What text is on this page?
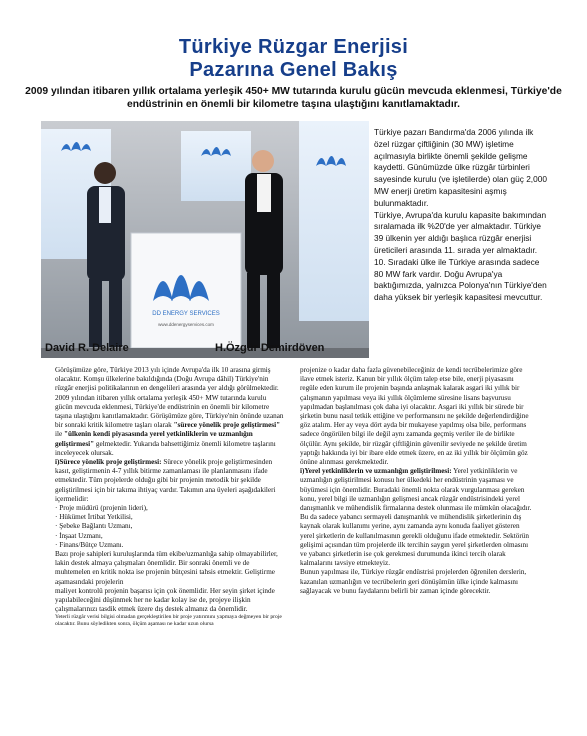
Türkiye Rüzgar Enerjisi
Pazarına Genel Bakış
2009 yılından itibaren yıllık ortalama yerleşik 450+ MW tutarında kurulu gücün mevcuda eklenmesi, Türkiye'de endüstrinin en önemli bir kilometre taşına ulaştığını kanıtlamaktadır.
DD ENERGY SERVICES
www.ddenergyservices.com
David R. Delaire	H.Özgür Demirdöven

Türkiye pazarı Bandırma'da 2006 yılında ilk özel rüzgar çiftliğinin (30 MW) işletime açılmasıyla birlikte önemli şekilde gelişme kaydetti. Günümüzde ülke rüzgâr türbinleri sayesinde kurulu (ve işletilerde) olan güç 2,000 MW enerji üretim kapasitesini aşmış bulunmaktadır.

Türkiye, Avrupa'da kurulu kapasite bakımından sıralamada ilk %20'de yer almaktadır. Türkiye 39 ülkenin yer aldığı başlıca rüzgâr enerjisi üreticileri arasında 11. sırada yer almaktadır. 10. Sıradaki ülke ile Türkiye arasında sadece 80 MW fark vardır. Doğu Avrupa'ya baktığımızda, yalnızca Polonya'nın Türkiye'den daha yüksek bir yerleşik kapasitesi mevcuttur.

Görüşümüze göre, Türkiye 2013 yılı içinde Avrupa'da ilk 10 arasına girmiş olacaktır. Komşu ülkelerine bakıldığında (Doğu Avrupa dâhil) Türkiye'nin rüzgâr enerjisi politikalarının en dengelileri arasında yer aldığı görülmektedir.

2009 yılından itibaren yıllık ortalama yerleşik 450+ MW tutarında kurulu gücün mevcuda eklenmesi, Türkiye'de endüstrinin en önemli bir kilometre taşına ulaştığını kanıtlamaktadır. Görüşümüze göre, Türkiye'nin önünde uzanan bir sonraki kritik kilometre taşları olarak "sürece yönelik proje geliştirmesi" ile "ülkenin kendi piyasasında yerel yetkinliklerin ve uzmanlığın geliştirmesi" gelmektedir. Yukarıda bahsettiğimiz önemli kilometre taşlarını inceleyecek olursak.

i)Sürece yönelik proje geliştirmesi: Sürece yönelik proje geliştirmesinden kasıt, geliştirmenin 4-7 yıllık bitirme zamanlaması ile planlanmasını ifade etmektedir. Tüm projelerde olduğu gibi bir projenin metodik bir şekilde geliştirilmesi için bir takıma ihtiyaç vardır. Takımın ana üyeleri aşağıdakileri içermelidir:

· Proje müdürü (projenin lideri),

· Hükümet İrtibat Yetkilisi,

· Şebeke Bağlantı Uzmanı,

· İnşaat Uzmanı,

· Finans/Bütçe Uzmanı.

Bazı proje sahipleri kuruluşlarında tüm ekibe/uzmanlığa sahip olmayabilirler, lakin destek almaya çalışmaları önemlidir. Bir sonraki önemli ve de muhtemelen en kritik nokta ise projenin bütçesini tahsis etmektir. Geliştirme aşamasındaki projelerin

maliyet kontrolü projenin başarısı için çok önemlidir. Her seyin şirket içinde yapılabileceğini düşünmek her ne kadar kolay ise de, projeye ilişkin çalışmalarınızı tasdik etmek üzere dış destek almanız da önemlidir.

Yeterli rüzgâr verisi bilgisi olmadan gerçekleştirilen bir proje yatırımını yapmaya değmeyen bir proje olacaktır. Bunu söyledikten sonra, ölçüm aşaması ne kadar uzun olursa

projenize o kadar daha fazla güvenebileceğiniz de kendi tecrübelerimize göre ilave etmek isteriz. Kanun bir yıllık ölçüm talep etse bile, enerji piyasasını regüle eden kurum ile projenin başında anlaşmak kalarak asgari iki yıllık bir çalışmanın yapılması veya iki yıllık ölçümleme süresine lisans başvurusu yapılmadan başlanılması çok daha iyi olacaktır. Asgari iki yıllık bir sürede bir şirketin bunu nasıl tetkik ettiğine ve performansını ne şekilde değerlendirdiğine göz atalım. Her ay veya dört ayda bir mukayese yapılmış olsa bile, performans sadece öngörülen bilgi ile değil aynı zamanda geçmiş veriler ile de birlikte ölçülür. Aynı şekilde, bir rüzgâr çiftliğinin güvenilir seviyede ne şekilde üretim yaptığı hakkında iyi bir ibare elde etmek üzere, en az iki yıllık bir ölçümün göz önüne alınması gerekmektedir.

i)Yerel yetkinliklerin ve uzmanlığın geliştirilmesi: Yerel yetkinliklerin ve uzmanlığın geliştirilmesi konusu her ülkedeki her endüstrinin yaşaması ve büyümesi için önemlidir. Buradaki önemli nokta olarak vurgulanması gereken konu, yerel bilgi ile uzmanlığın gelişmesi ancak rüzgâr endüstrisindeki yerel danışmanlık ve mühendislik firmalarına destek olunması ile mümkün olacağıdır. Bu da sadece yabancı sermayeli danışmanlık ve mühendislik şirketlerinin dış kaynak olarak kullanımı yerine, aynı zamanda aynı konuda faaliyet gösteren yerel şirketlerin de kullanılmasının gerekli olduğunu ifade etmektedir. Sektörün gelişimi açısından tüm projelerde ilk tercihin saygın yerel şirketlerden olmasını ve yabancı şirketlerin ise çok gerekmesi durumunda ikinci tercih olarak kalmalarını tavsiye etmekteyiz.

Bunun yapılması ile, Türkiye rüzgâr endüstrisi projelerden öğrenilen derslerin, kazanılan uzmanlığın ve tecrübelerin geri dönüşümün ülke içinde kalmasını sağlayacak ve bunu faydalarını belirli bir zaman içinde görecektir.
